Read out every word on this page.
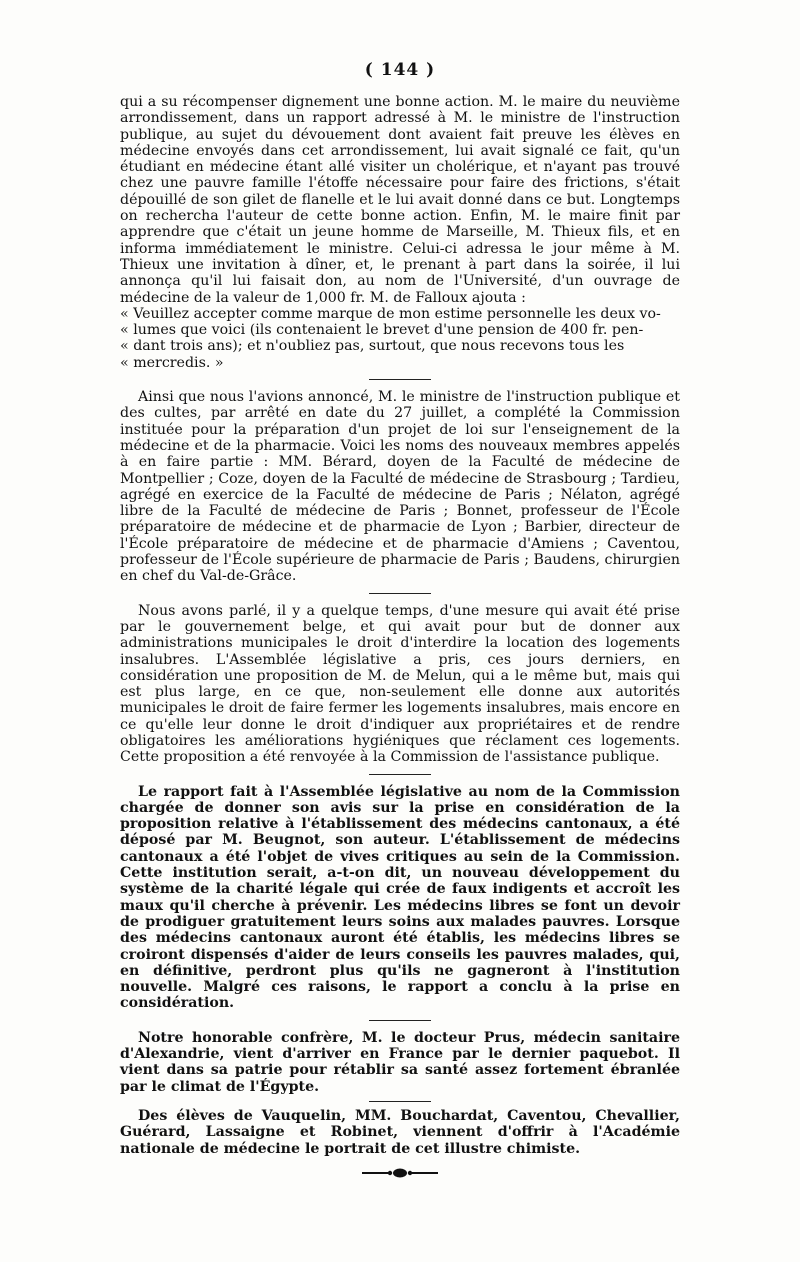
( 144 )

qui a su récompenser dignement une bonne action. M. le maire du neuvième arrondissement, dans un rapport adressé à M. le ministre de l'instruction publique, au sujet du dévouement dont avaient fait preuve les élèves en médecine envoyés dans cet arrondissement, lui avait signalé ce fait, qu'un étudiant en médecine étant allé visiter un cholérique, et n'ayant pas trouvé chez une pauvre famille l'étoffe nécessaire pour faire des frictions, s'était dépouillé de son gilet de flanelle et le lui avait donné dans ce but. Longtemps on rechercha l'auteur de cette bonne action. Enfin, M. le maire finit par apprendre que c'était un jeune homme de Marseille, M. Thieux fils, et en informa immédiatement le ministre. Celui-ci adressa le jour même à M. Thieux une invitation à dîner, et, le prenant à part dans la soirée, il lui annonça qu'il lui faisait don, au nom de l'Université, d'un ouvrage de médecine de la valeur de 1,000 fr. M. de Falloux ajouta :

« Veuillez accepter comme marque de mon estime personnelle les deux vo-

« lumes que voici (ils contenaient le brevet d'une pension de 400 fr. pen-

« dant trois ans); et n'oubliez pas, surtout, que nous recevons tous les

« mercredis. »

Ainsi que nous l'avions annoncé, M. le ministre de l'instruction publique et des cultes, par arrêté en date du 27 juillet, a complété la Commission instituée pour la préparation d'un projet de loi sur l'enseignement de la médecine et de la pharmacie. Voici les noms des nouveaux membres appelés à en faire partie : MM. Bérard, doyen de la Faculté de médecine de Montpellier ; Coze, doyen de la Faculté de médecine de Strasbourg ; Tardieu, agrégé en exercice de la Faculté de médecine de Paris ; Nélaton, agrégé libre de la Faculté de médecine de Paris ; Bonnet, professeur de l'École préparatoire de médecine et de pharmacie de Lyon ; Barbier, directeur de l'École préparatoire de médecine et de pharmacie d'Amiens ; Caventou, professeur de l'École supérieure de pharmacie de Paris ; Baudens, chirurgien en chef du Val-de-Grâce.

Nous avons parlé, il y a quelque temps, d'une mesure qui avait été prise par le gouvernement belge, et qui avait pour but de donner aux administrations municipales le droit d'interdire la location des logements insalubres. L'Assemblée législative a pris, ces jours derniers, en considération une proposition de M. de Melun, qui a le même but, mais qui est plus large, en ce que, non-seulement elle donne aux autorités municipales le droit de faire fermer les logements insalubres, mais encore en ce qu'elle leur donne le droit d'indiquer aux propriétaires et de rendre obligatoires les améliorations hygiéniques que réclament ces logements. Cette proposition a été renvoyée à la Commission de l'assistance publique.

Le rapport fait à l'Assemblée législative au nom de la Commission chargée de donner son avis sur la prise en considération de la proposition relative à l'établissement des médecins cantonaux, a été déposé par M. Beugnot, son auteur. L'établissement de médecins cantonaux a été l'objet de vives critiques au sein de la Commission. Cette institution serait, a-t-on dit, un nouveau développement du système de la charité légale qui crée de faux indigents et accroît les maux qu'il cherche à prévenir. Les médecins libres se font un devoir de prodiguer gratuitement leurs soins aux malades pauvres. Lorsque des médecins cantonaux auront été établis, les médecins libres se croiront dispensés d'aider de leurs conseils les pauvres malades, qui, en définitive, perdront plus qu'ils ne gagneront à l'institution nouvelle. Malgré ces raisons, le rapport a conclu à la prise en considération.

Notre honorable confrère, M. le docteur Prus, médecin sanitaire d'Alexandrie, vient d'arriver en France par le dernier paquebot. Il vient dans sa patrie pour rétablir sa santé assez fortement ébranlée par le climat de l'Égypte.

Des élèves de Vauquelin, MM. Bouchardat, Caventou, Chevallier, Guérard, Lassaigne et Robinet, viennent d'offrir à l'Académie nationale de médecine le portrait de cet illustre chimiste.
